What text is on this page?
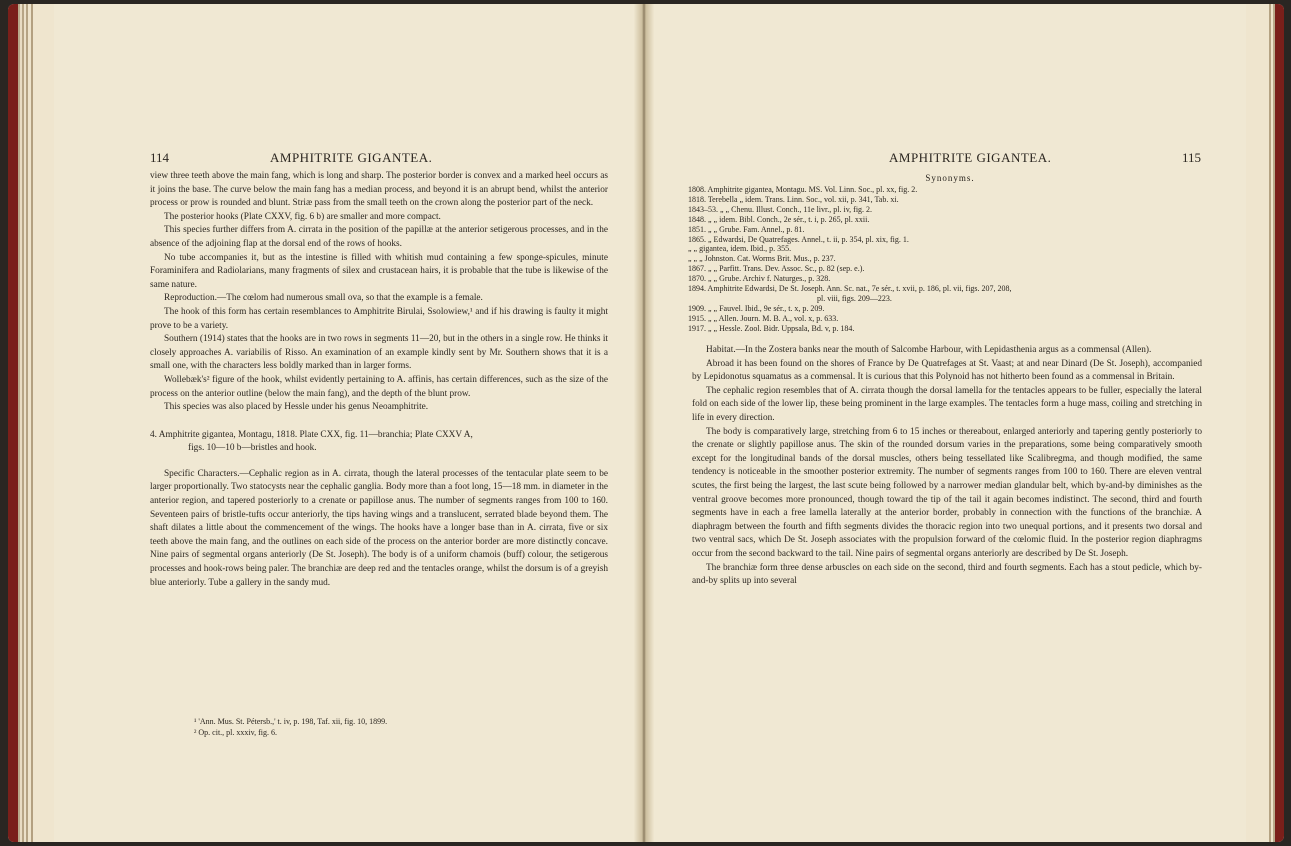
114	AMPHITRITE GIGANTEA.

view three teeth above the main fang, which is long and sharp. The posterior border is convex and a marked heel occurs as it joins the base. The curve below the main fang has a median process, and beyond it is an abrupt bend, whilst the anterior process or prow is rounded and blunt. Striæ pass from the small teeth on the crown along the posterior part of the neck.

The posterior hooks (Plate CXXV, fig. 6 b) are smaller and more compact.

This species further differs from A. cirrata in the position of the papillæ at the anterior setigerous processes, and in the absence of the adjoining flap at the dorsal end of the rows of hooks.

No tube accompanies it, but as the intestine is filled with whitish mud containing a few sponge-spicules, minute Foraminifera and Radiolarians, many fragments of silex and crustacean hairs, it is probable that the tube is likewise of the same nature.

Reproduction.—The cœlom had numerous small ova, so that the example is a female.

The hook of this form has certain resemblances to Amphitrite Birulai, Ssolowiew,¹ and if his drawing is faulty it might prove to be a variety.

Southern (1914) states that the hooks are in two rows in segments 11—20, but in the others in a single row. He thinks it closely approaches A. variabilis of Risso. An examination of an example kindly sent by Mr. Southern shows that it is a small one, with the characters less boldly marked than in larger forms.

Wollebæk's² figure of the hook, whilst evidently pertaining to A. affinis, has certain differences, such as the size of the process on the anterior outline (below the main fang), and the depth of the blunt prow.

This species was also placed by Hessle under his genus Neoamphitrite.

4. Amphitrite gigantea, Montagu, 1818. Plate CXX, fig. 11—branchia; Plate CXXV A,

figs. 10—10 b—bristles and hook.

Specific Characters.—Cephalic region as in A. cirrata, though the lateral processes of the tentacular plate seem to be larger proportionally. Two statocysts near the cephalic ganglia. Body more than a foot long, 15—18 mm. in diameter in the anterior region, and tapered posteriorly to a crenate or papillose anus. The number of segments ranges from 100 to 160. Seventeen pairs of bristle-tufts occur anteriorly, the tips having wings and a translucent, serrated blade beyond them. The shaft dilates a little about the commencement of the wings. The hooks have a longer base than in A. cirrata, five or six teeth above the main fang, and the outlines on each side of the process on the anterior border are more distinctly concave. Nine pairs of segmental organs anteriorly (De St. Joseph). The body is of a uniform chamois (buff) colour, the setigerous processes and hook-rows being paler. The branchiæ are deep red and the tentacles orange, whilst the dorsum is of a greyish blue anteriorly. Tube a gallery in the sandy mud.

¹ 'Ann. Mus. St. Pétersb.,' t. iv, p. 198, Taf. xii, fig. 10, 1899.

² Op. cit., pl. xxxiv, fig. 6.

AMPHITRITE GIGANTEA.	115
Synonyms.
1808. Amphitrite gigantea, Montagu. MS. Vol. Linn. Soc., pl. xx, fig. 2.
1818. Terebella „ idem. Trans. Linn. Soc., vol. xii, p. 341, Tab. xi.
1843–53. „ „ Chenu. Illust. Conch., 11e livr., pl. iv, fig. 2.
1848. „ „ idem. Bibl. Conch., 2e sér., t. i, p. 265, pl. xxii.
1851. „ „ Grube. Fam. Annel., p. 81.
1865. „ Edwardsi, De Quatrefages. Annel., t. ii, p. 354, pl. xix, fig. 1.
„ „ gigantea, idem. Ibid., p. 355.
„ „ „ Johnston. Cat. Worms Brit. Mus., p. 237.
1867. „ „ Parfitt. Trans. Dev. Assoc. Sc., p. 82 (sep. e.).
1870. „ „ Grube. Archiv f. Naturges., p. 328.
1894. Amphitrite Edwardsi, De St. Joseph. Ann. Sc. nat., 7e sér., t. xvii, p. 186, pl. vii, figs. 207, 208,
pl. viii, figs. 209—223.
1909. „ „ Fauvel. Ibid., 9e sér., t. x, p. 209.
1915. „ „ Allen. Journ. M. B. A., vol. x, p. 633.
1917. „ „ Hessle. Zool. Bidr. Uppsala, Bd. v, p. 184.

Habitat.—In the Zostera banks near the mouth of Salcombe Harbour, with Lepidasthenia argus as a commensal (Allen).

Abroad it has been found on the shores of France by De Quatrefages at St. Vaast; at and near Dinard (De St. Joseph), accompanied by Lepidonotus squamatus as a commensal. It is curious that this Polynoid has not hitherto been found as a commensal in Britain.

The cephalic region resembles that of A. cirrata though the dorsal lamella for the tentacles appears to be fuller, especially the lateral fold on each side of the lower lip, these being prominent in the large examples. The tentacles form a huge mass, coiling and stretching in life in every direction.

The body is comparatively large, stretching from 6 to 15 inches or thereabout, enlarged anteriorly and tapering gently posteriorly to the crenate or slightly papillose anus. The skin of the rounded dorsum varies in the preparations, some being comparatively smooth except for the longitudinal bands of the dorsal muscles, others being tessellated like Scalibregma, and though modified, the same tendency is noticeable in the smoother posterior extremity. The number of segments ranges from 100 to 160. There are eleven ventral scutes, the first being the largest, the last scute being followed by a narrower median glandular belt, which by-and-by diminishes as the ventral groove becomes more pronounced, though toward the tip of the tail it again becomes indistinct. The second, third and fourth segments have in each a free lamella laterally at the anterior border, probably in connection with the functions of the branchiæ. A diaphragm between the fourth and fifth segments divides the thoracic region into two unequal portions, and it presents two dorsal and two ventral sacs, which De St. Joseph associates with the propulsion forward of the cœlomic fluid. In the posterior region diaphragms occur from the second backward to the tail. Nine pairs of segmental organs anteriorly are described by De St. Joseph.

The branchiæ form three dense arbuscles on each side on the second, third and fourth segments. Each has a stout pedicle, which by-and-by splits up into several
